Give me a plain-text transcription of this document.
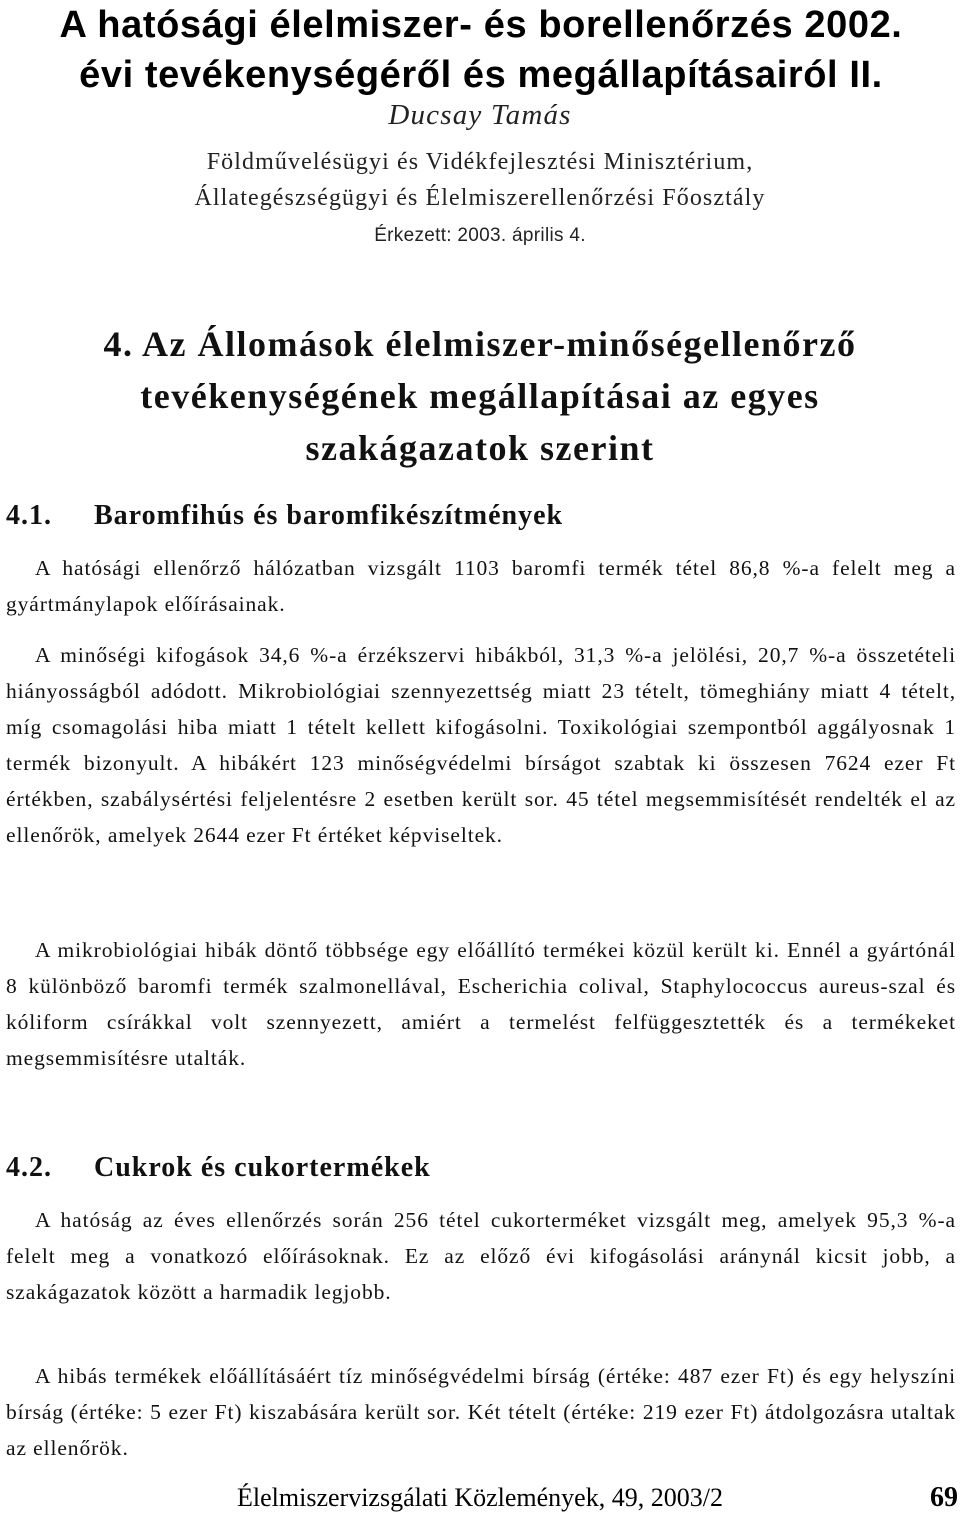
A hatósági élelmiszer- és borellenőrzés 2002.
évi tevékenységéről és megállapításairól II.
Ducsay Tamás
Földművelésügyi és Vidékfejlesztési Minisztérium,
Állategészségügyi és Élelmiszerellenőrzési Főosztály
Érkezett: 2003. április 4.
4. Az Állomások élelmiszer-minőségellenőrző
tevékenységének megállapításai az egyes
szakágazatok szerint
4.1. Baromfihús és baromfikészítmények

A hatósági ellenőrző hálózatban vizsgált 1103 baromfi termék tétel 86,8 %-a felelt meg a gyártmánylapok előírásainak.

A minőségi kifogások 34,6 %-a érzékszervi hibákból, 31,3 %-a jelölési, 20,7 %-a összetételi hiányosságból adódott. Mikrobiológiai szennyezettség miatt 23 tételt, tömeghiány miatt 4 tételt, míg csomagolási hiba miatt 1 tételt kellett kifogásolni. Toxikológiai szempontból aggályosnak 1 termék bizonyult. A hibákért 123 minőségvédelmi bírságot szabtak ki összesen 7624 ezer Ft értékben, szabálysértési feljelentésre 2 esetben került sor. 45 tétel megsemmisítését rendelték el az ellenőrök, amelyek 2644 ezer Ft értéket képviseltek.

A mikrobiológiai hibák döntő többsége egy előállító termékei közül került ki. Ennél a gyártónál 8 különböző baromfi termék szalmonellával, Escherichia colival, Staphylococcus aureus-szal és kóliform csírákkal volt szennyezett, amiért a termelést felfüggesztették és a termékeket megsemmisítésre utalták.

4.2. Cukrok és cukortermékek

A hatóság az éves ellenőrzés során 256 tétel cukorterméket vizsgált meg, amelyek 95,3 %-a felelt meg a vonatkozó előírásoknak. Ez az előző évi kifogásolási aránynál kicsit jobb, a szakágazatok között a harmadik legjobb.

A hibás termékek előállításáért tíz minőségvédelmi bírság (értéke: 487 ezer Ft) és egy helyszíni bírság (értéke: 5 ezer Ft) kiszabására került sor. Két tételt (értéke: 219 ezer Ft) átdolgozásra utaltak az ellenőrök.

Élelmiszervizsgálati Közlemények, 49, 2003/2	69
